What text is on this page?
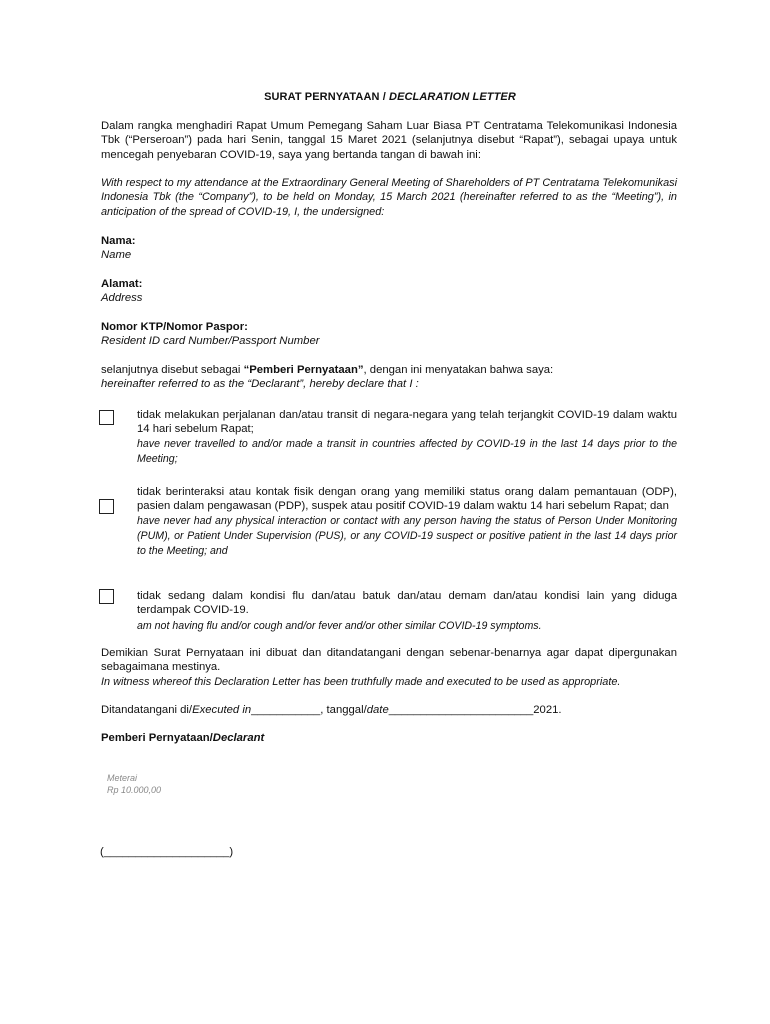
SURAT PERNYATAAN / DECLARATION LETTER
Dalam rangka menghadiri Rapat Umum Pemegang Saham Luar Biasa PT Centratama Telekomunikasi Indonesia Tbk (“Perseroan”) pada hari Senin, tanggal 15 Maret 2021 (selanjutnya disebut “Rapat”), sebagai upaya untuk mencegah penyebaran COVID-19, saya yang bertanda tangan di bawah ini:
With respect to my attendance at the Extraordinary General Meeting of Shareholders of PT Centratama Telekomunikasi Indonesia Tbk (the “Company”), to be held on Monday, 15 March 2021 (hereinafter referred to as the “Meeting”), in anticipation of the spread of COVID-19, I, the undersigned:
Nama:
Name
Alamat:
Address
Nomor KTP/Nomor Paspor:
Resident ID card Number/Passport Number
selanjutnya disebut sebagai “Pemberi Pernyataan”, dengan ini menyatakan bahwa saya:
hereinafter referred to as the “Declarant”, hereby declare that I :
tidak melakukan perjalanan dan/atau transit di negara-negara yang telah terjangkit COVID-19 dalam waktu 14 hari sebelum Rapat;
have never travelled to and/or made a transit in countries affected by COVID-19 in the last 14 days prior to the Meeting;
tidak berinteraksi atau kontak fisik dengan orang yang memiliki status orang dalam pemantauan (ODP), pasien dalam pengawasan (PDP), suspek atau positif COVID-19 dalam waktu 14 hari sebelum Rapat; dan
have never had any physical interaction or contact with any person having the status of Person Under Monitoring (PUM), or Patient Under Supervision (PUS), or any COVID-19 suspect or positive patient in the last 14 days prior to the Meeting; and
tidak sedang dalam kondisi flu dan/atau batuk dan/atau demam dan/atau kondisi lain yang diduga terdampak COVID-19.
am not having flu and/or cough and/or fever and/or other similar COVID-19 symptoms.
Demikian Surat Pernyataan ini dibuat dan ditandatangani dengan sebenar-benarnya agar dapat dipergunakan sebagaimana mestinya.
In witness whereof this Declaration Letter has been truthfully made and executed to be used as appropriate.
Ditandatangani di/Executed in___________, tanggal/date_______________________2021.
Pemberi Pernyataan/Declarant
Meterai
Rp 10.000,00
(____________________)
